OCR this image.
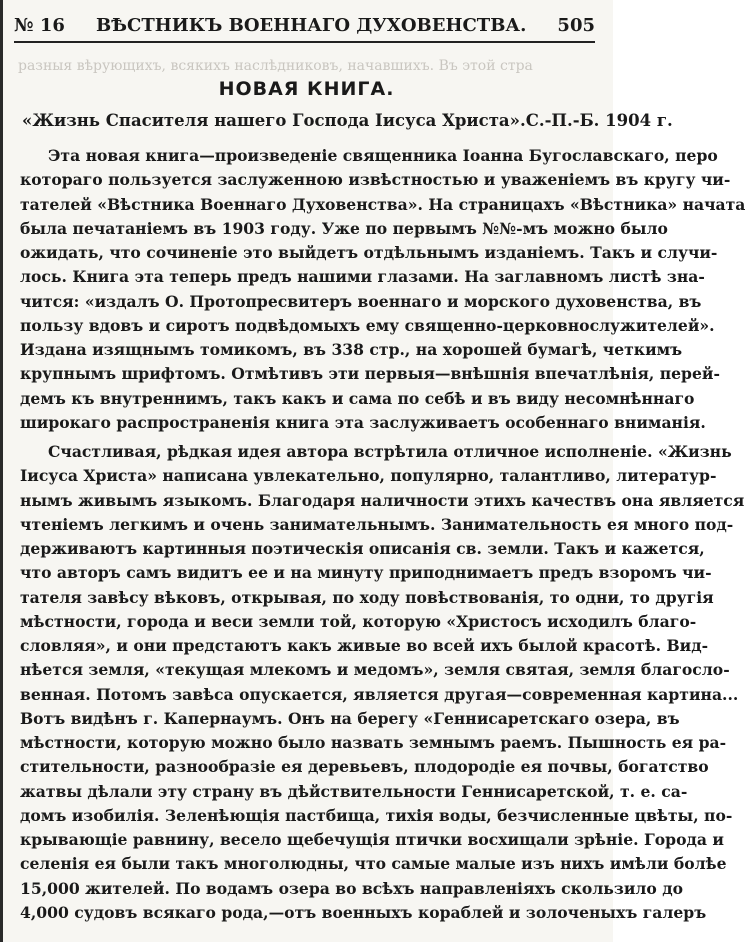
№ 16 ВѢСТНИКЪ ВОЕННАГО ДУХОВЕНСТВА. 505
разныя вѣрующихъ, всякихъ наслѣдниковъ, начавшихъ. Въ этой стра
НОВАЯ КНИГА.
«Жизнь Спасителя нашего Господа Іисуса Христа». С.-П.-Б. 1904 г.
Эта новая книга—произведеніе священника Іоанна Бугославскаго, перо
котораго пользуется заслуженною извѣстностью и уваженіемъ въ кругу чи-
тателей «Вѣстника Военнаго Духовенства». На страницахъ «Вѣстника» начата
была печатаніемъ въ 1903 году. Уже по первымъ №№-мъ можно было
ожидать, что сочиненіе это выйдетъ отдѣльнымъ изданіемъ. Такъ и случи-
лось. Книга эта теперь предъ нашими глазами. На заглавномъ листѣ зна-
чится: «издалъ О. Протопресвитеръ военнаго и морского духовенства, въ
пользу вдовъ и сиротъ подвѣдомыхъ ему священно-церковнослужителей».
Издана изящнымъ томикомъ, въ 338 стр., на хорошей бумагѣ, четкимъ
крупнымъ шрифтомъ. Отмѣтивъ эти первыя—внѣшнія впечатлѣнія, перей-
демъ къ внутреннимъ, такъ какъ и сама по себѣ и въ виду несомнѣннаго
широкаго распространенія книга эта заслуживаетъ особеннаго вниманія.
Счастливая, рѣдкая идея автора встрѣтила отличное исполненіе. «Жизнь
Іисуса Христа» написана увлекательно, популярно, талантливо, литератур-
нымъ живымъ языкомъ. Благодаря наличности этихъ качествъ она является
чтеніемъ легкимъ и очень занимательнымъ. Занимательность ея много под-
держиваютъ картинныя поэтическія описанія св. земли. Такъ и кажется,
что авторъ самъ видитъ ее и на минуту приподнимаетъ предъ взоромъ чи-
тателя завѣсу вѣковъ, открывая, по ходу повѣствованія, то одни, то другія
мѣстности, города и веси земли той, которую «Христосъ исходилъ благо-
словляя», и они предстаютъ какъ живые во всей ихъ былой красотѣ. Вид-
нѣется земля, «текущая млекомъ и медомъ», земля святая, земля благосло-
венная. Потомъ завѣса опускается, является другая—современная картина...
Вотъ видѣнъ г. Капернаумъ. Онъ на берегу «Геннисаретскаго озера, въ
мѣстности, которую можно было назвать земнымъ раемъ. Пышность ея ра-
стительности, разнообразіе ея деревьевъ, плодородіе ея почвы, богатство
жатвы дѣлали эту страну въ дѣйствительности Геннисаретской, т. е. са-
домъ изобилія. Зеленѣющія пастбища, тихія воды, безчисленные цвѣты, по-
крывающіе равнину, весело щебечущія птички восхищали зрѣніе. Города и
селенія ея были такъ многолюдны, что самые малые изъ нихъ имѣли болѣе
15,000 жителей. По водамъ озера во всѣхъ направленіяхъ скользило до
4,000 судовъ всякаго рода,—отъ военныхъ кораблей и золоченыхъ галеръ
